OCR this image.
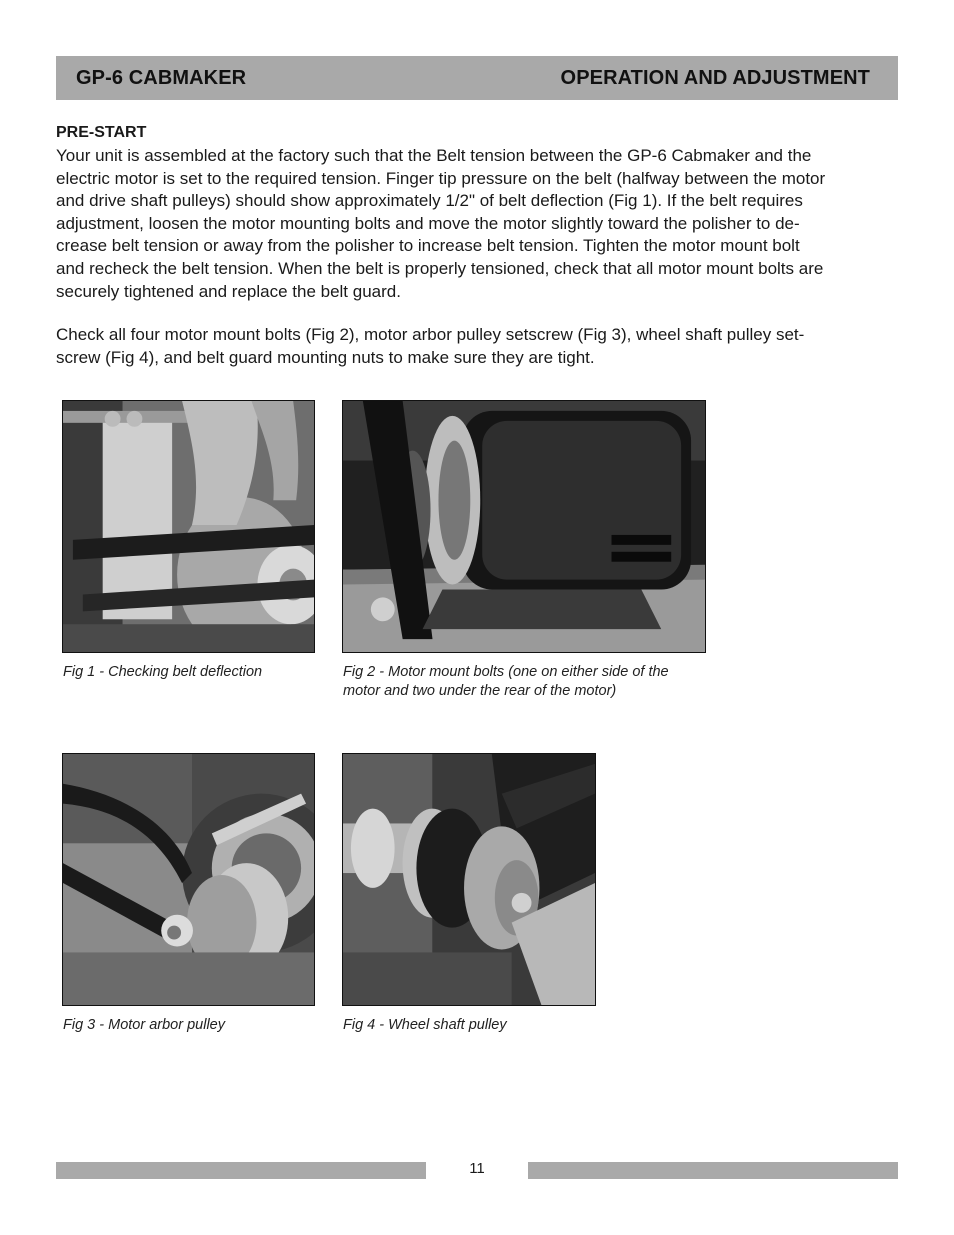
GP-6 CABMAKER	OPERATION AND ADJUSTMENT
PRE-START
Your unit is assembled at the factory such that the Belt tension between the GP-6 Cabmaker and the
electric motor is set to the required tension. Finger tip pressure on the belt (halfway between the motor
and drive shaft pulleys) should show approximately 1/2" of belt deflection (Fig 1). If the belt requires
adjustment, loosen the motor mounting bolts and move the motor slightly toward the polisher to de-
crease belt tension or away from the polisher to increase belt tension. Tighten the motor mount bolt
and recheck the belt tension. When the belt is properly tensioned, check that all motor mount bolts are
securely tightened and replace the belt guard.
Check all four motor mount bolts (Fig 2), motor arbor pulley setscrew (Fig 3), wheel shaft pulley set-
screw (Fig 4), and belt guard mounting nuts to make sure they are tight.
Fig 1 - Checking belt deflection	Fig 2 - Motor mount bolts (one on either side of the
motor and two under the rear of the motor)
Fig 3 - Motor arbor pulley	Fig 4 - Wheel shaft pulley
11
